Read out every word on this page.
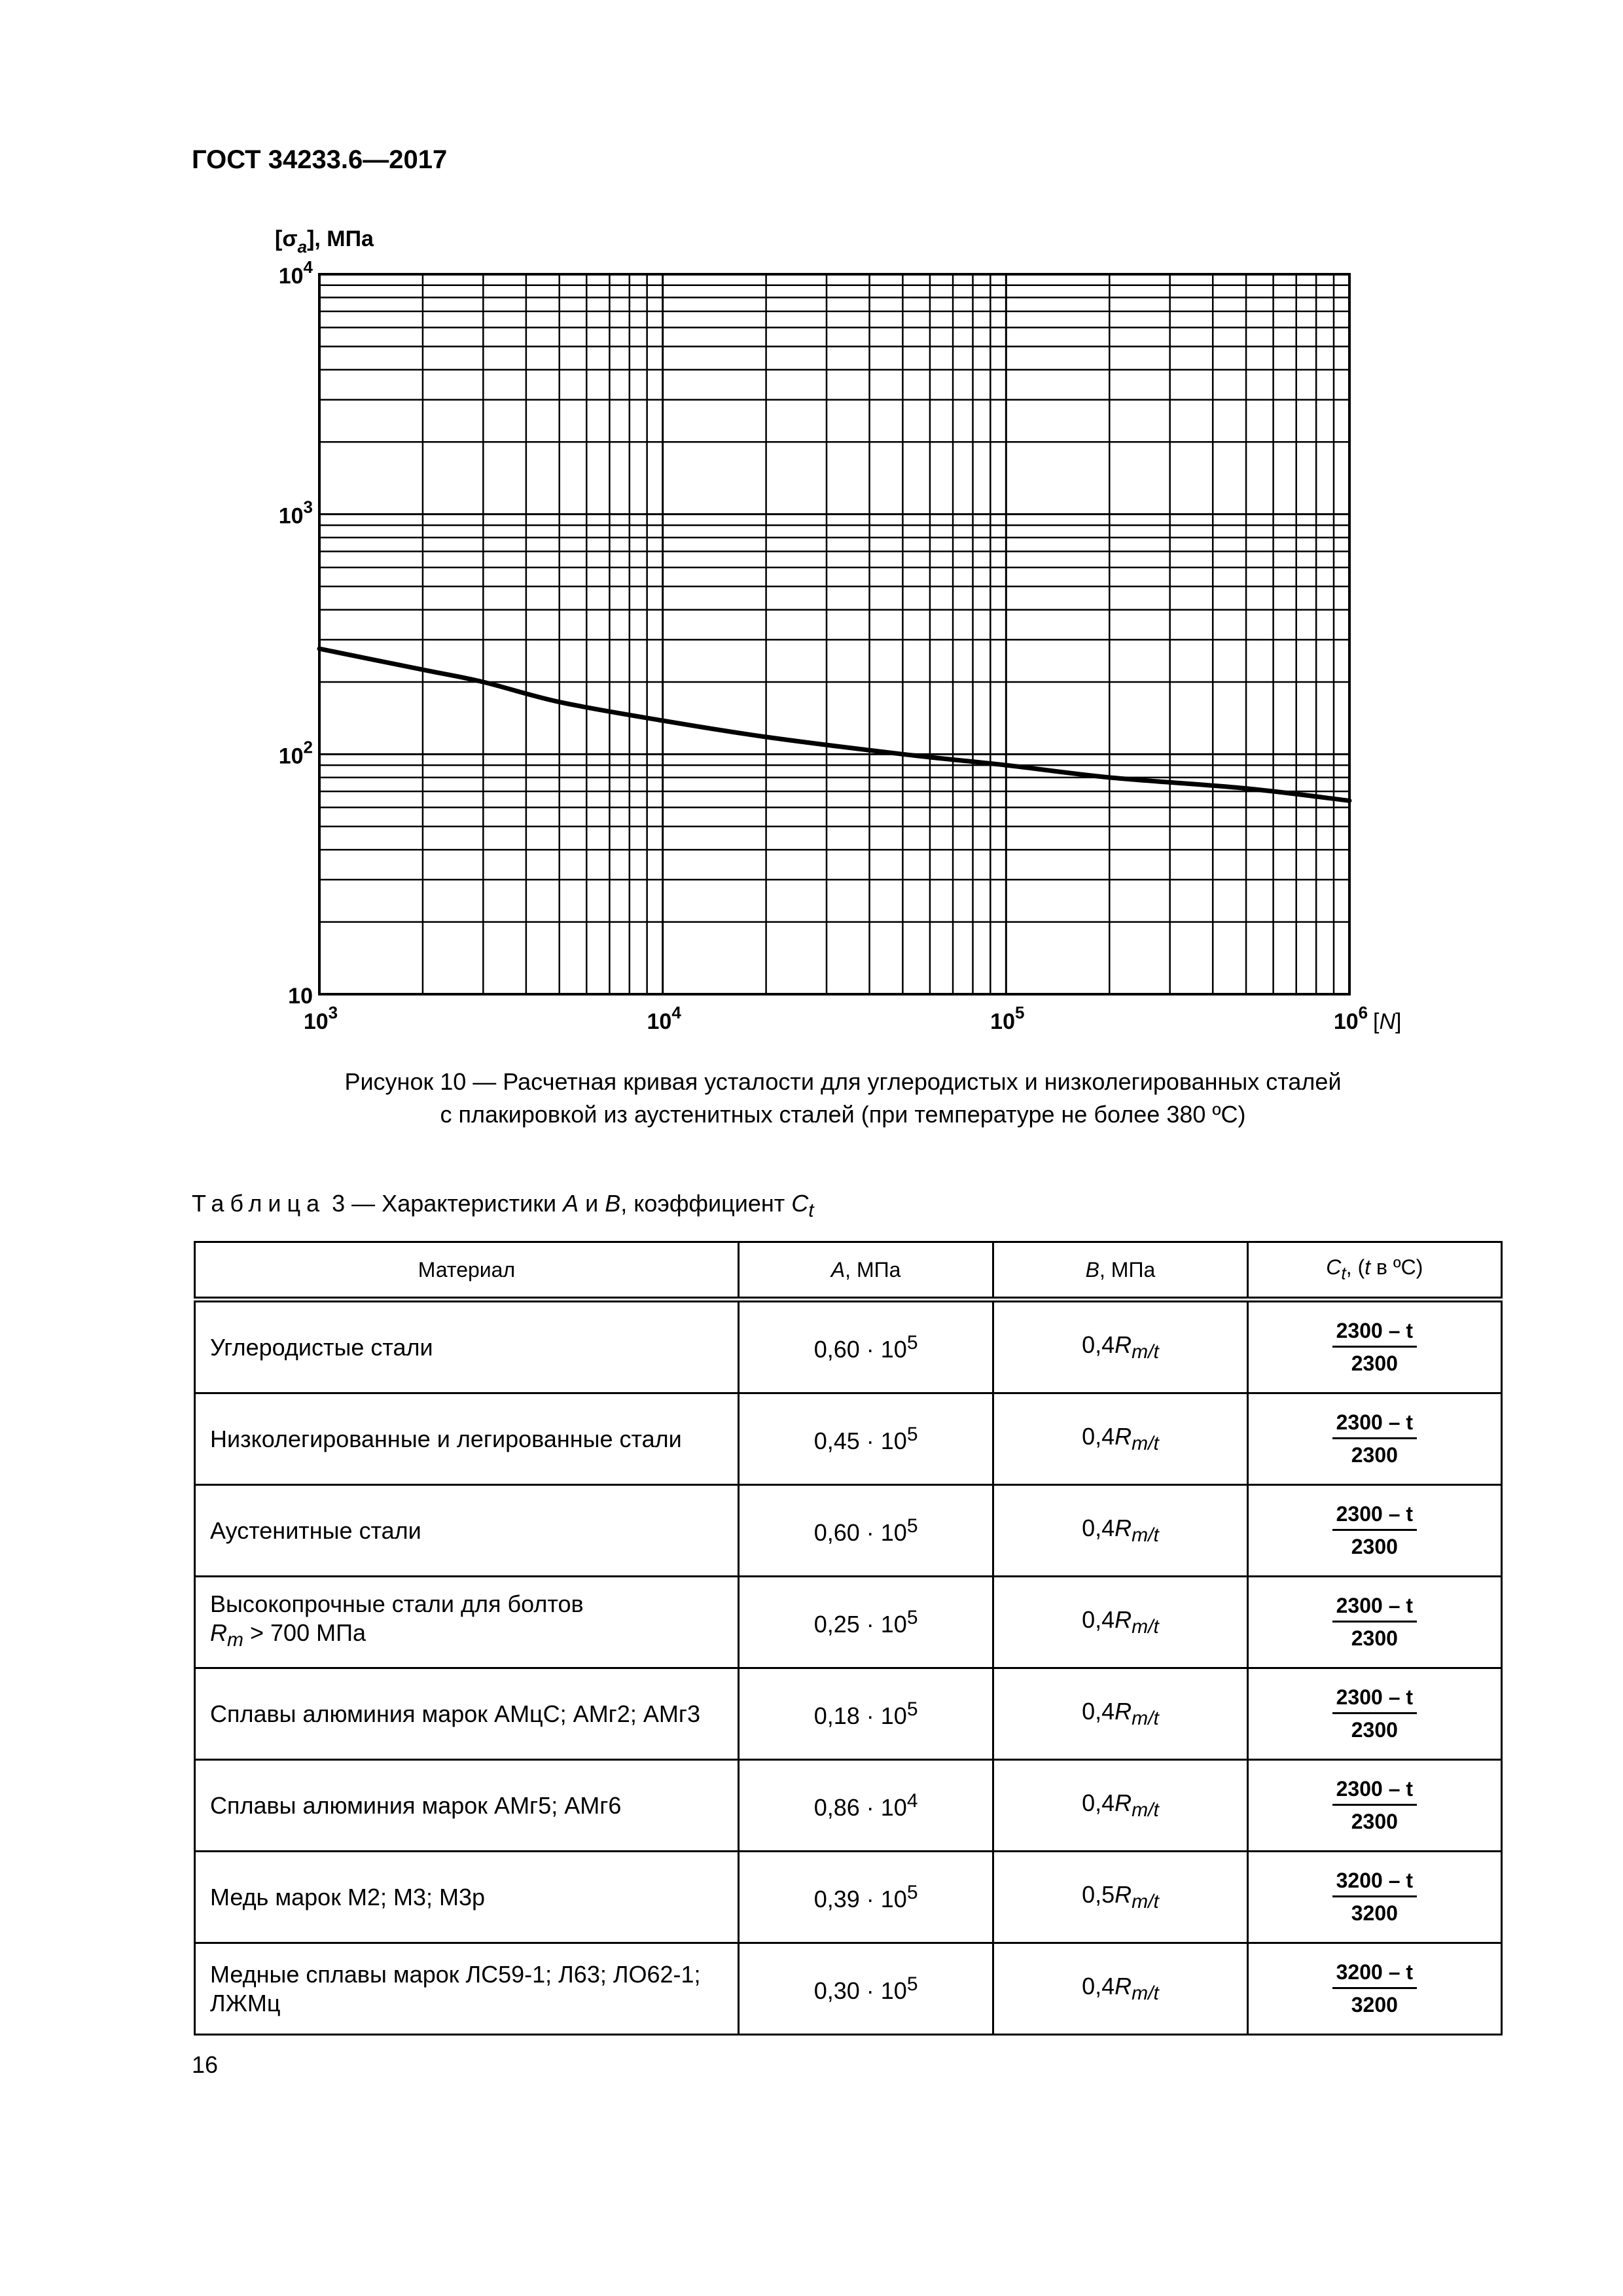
ГОСТ 34233.6—2017
$[\sigma_a]$, МПа
10
$10^2$
$10^3$
$10^4$
$10^3$	$10^4$	$10^5$	$10^6$ [N]
Рисунок 10 — Расчетная кривая усталости для углеродистых и низколегированных сталей
с плакировкой из аустенитных сталей (при температуре не более 380 ºС)
Таблица 3 — Характеристики A и B, коэффициент $C_t$
Материал	A, МПа	B, МПа	$C_t$, (t в ºС)
Углеродистые стали	$0,60 \cdot 10^5$	$0,4R_{m/t}$	$\frac{2300 - t}{2300}$

Низколегированные и легированные стали	$0,45 \cdot 10^5$	$0,4R_{m/t}$	$\frac{2300 - t}{2300}$

Аустенитные стали	$0,60 \cdot 10^5$	$0,4R_{m/t}$	$\frac{2300 - t}{2300}$

Высокопрочные стали для болтов
$R_m > 700$ МПа	$0,25 \cdot 10^5$	$0,4R_{m/t}$	$\frac{2300 - t}{2300}$

Сплавы алюминия марок АМцС; АМг2; АМг3	$0,18 \cdot 10^5$	$0,4R_{m/t}$	$\frac{2300 - t}{2300}$

Сплавы алюминия марок АМг5; АМг6	$0,86 \cdot 10^4$	$0,4R_{m/t}$	$\frac{2300 - t}{2300}$

Медь марок М2; М3; М3р	$0,39 \cdot 10^5$	$0,5R_{m/t}$	$\frac{3200 - t}{3200}$

Медные сплавы марок ЛС59-1; Л63; ЛО62-1;
ЛЖМц	$0,30 \cdot 10^5$	$0,4R_{m/t}$	$\frac{3200 - t}{3200}$
16
